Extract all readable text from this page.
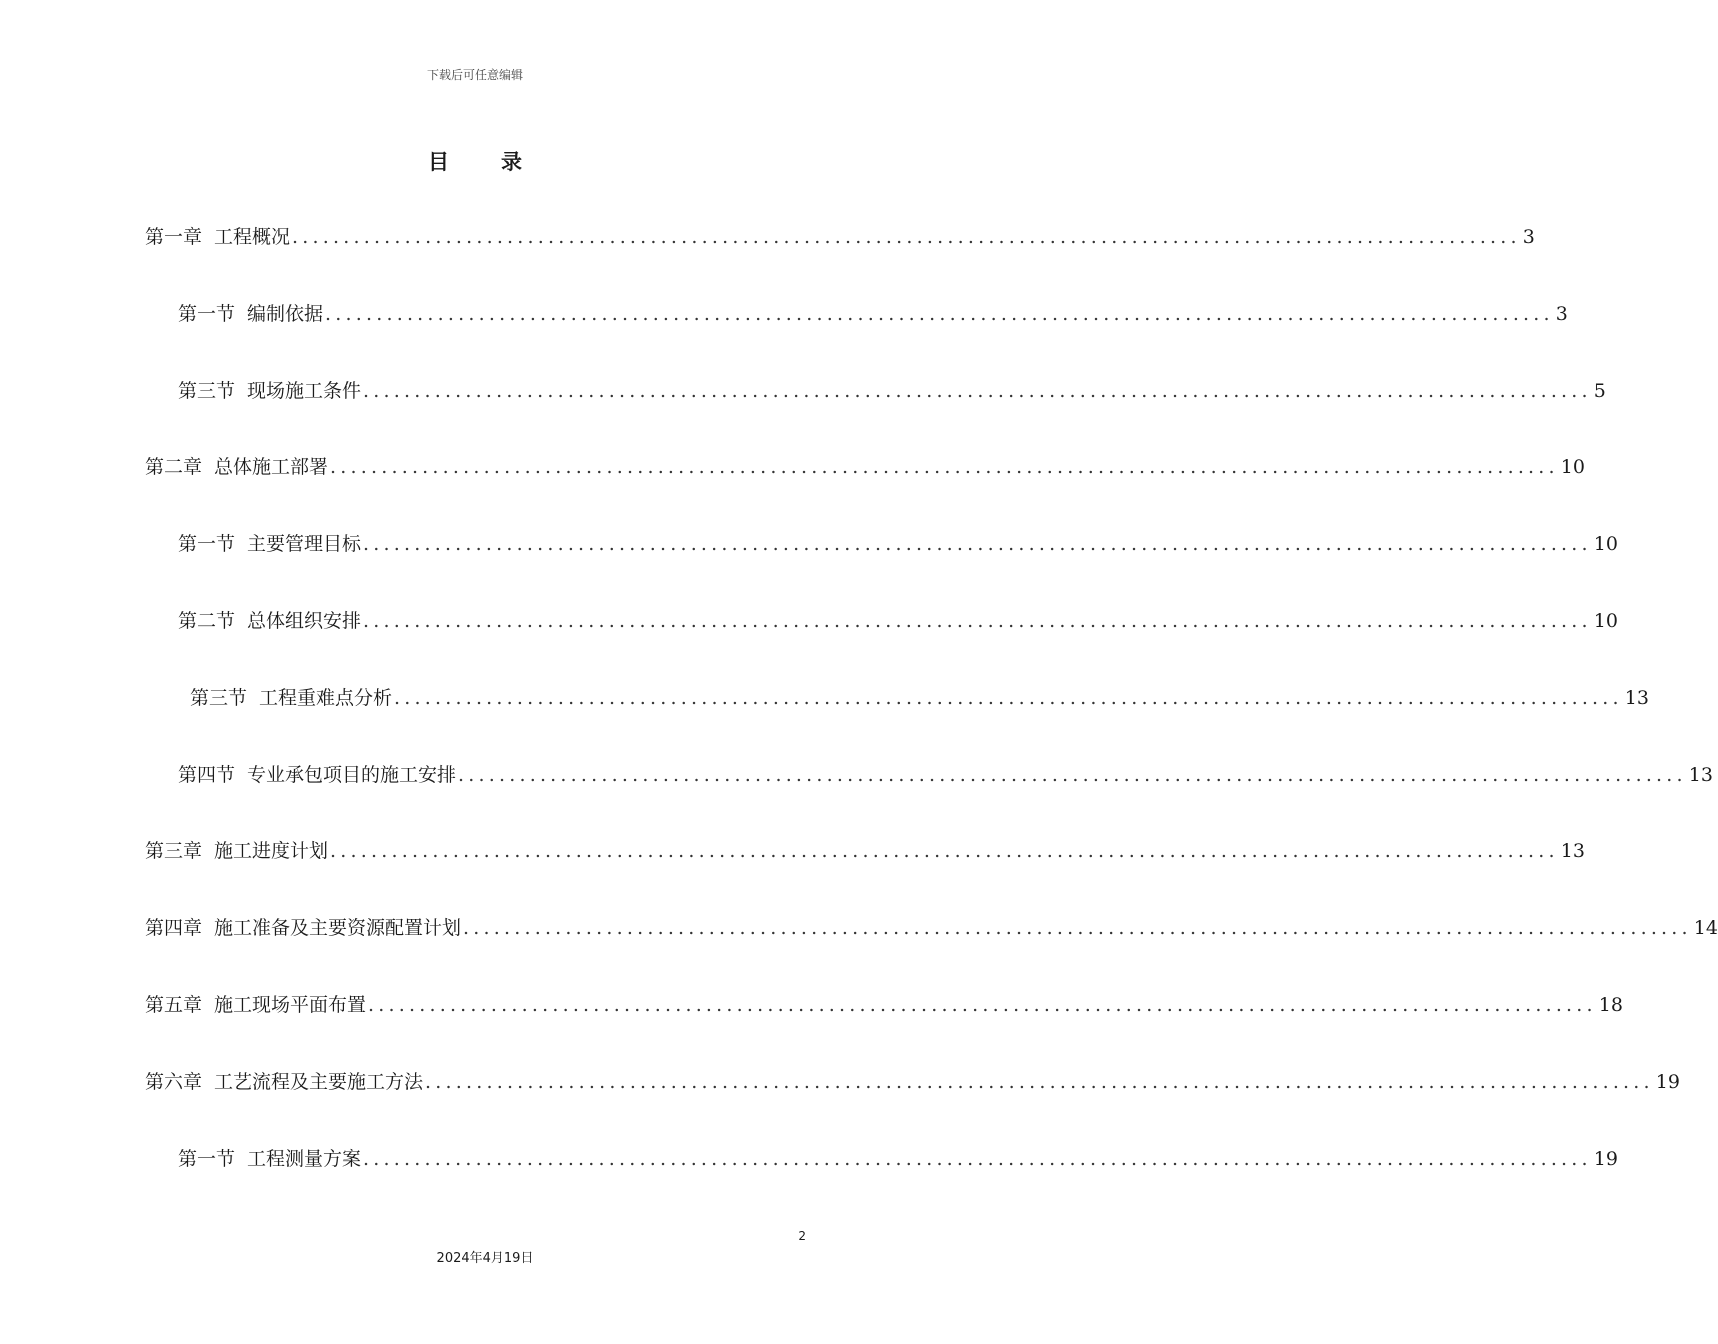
下载后可任意编辑
目录
第一章 工程概况 ........................................................................................................................ 3
第一节 编制依据 ........................................................................................................................ 3
第三节 现场施工条件 ........................................................................................................................ 5
第二章 总体施工部署 ........................................................................................................................ 10
第一节 主要管理目标 ........................................................................................................................ 10
第二节 总体组织安排 ........................................................................................................................ 10
第三节 工程重难点分析 ........................................................................................................................ 13
第四节 专业承包项目的施工安排 ........................................................................................................................ 13
第三章 施工进度计划 ........................................................................................................................ 13
第四章 施工准备及主要资源配置计划 ........................................................................................................................ 14
第五章 施工现场平面布置 ........................................................................................................................ 18
第六章 工艺流程及主要施工方法 ........................................................................................................................ 19
第一节 工程测量方案 ........................................................................................................................ 19
2
2024年4月19日
